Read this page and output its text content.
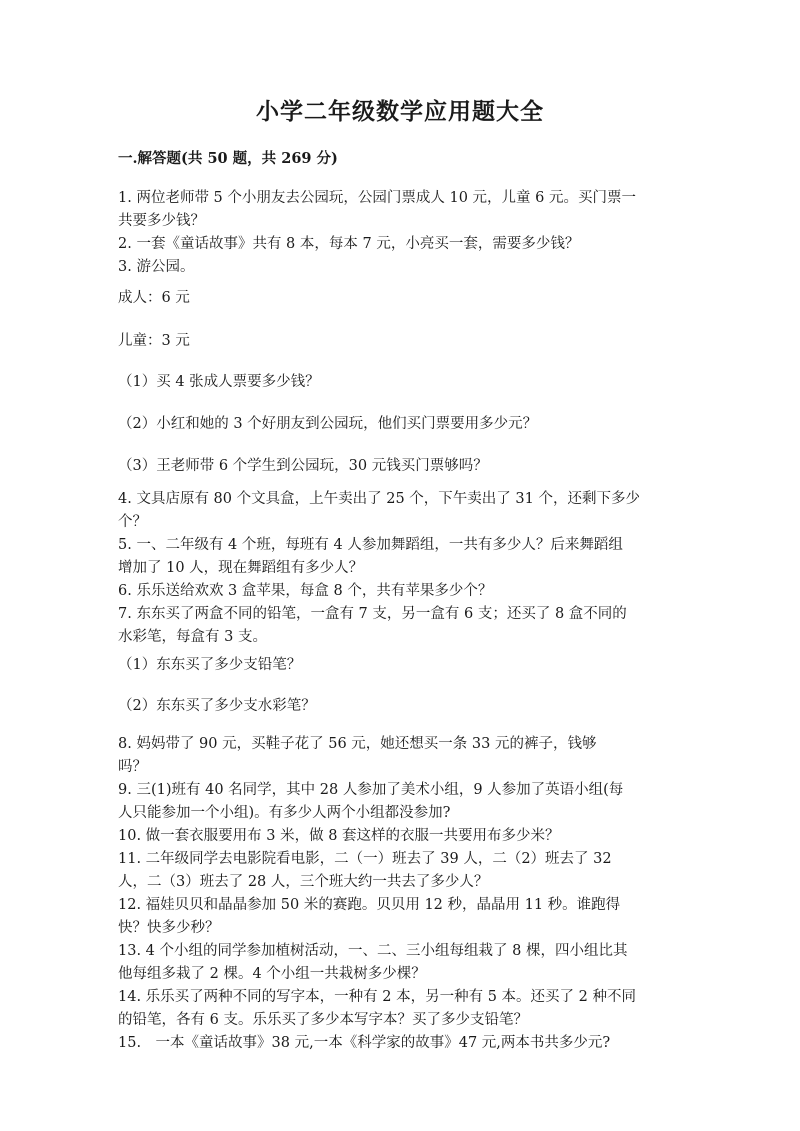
小学二年级数学应用题大全
一.解答题(共 50 题，共 269 分)
1. 两位老师带 5 个小朋友去公园玩，公园门票成人 10 元，儿童 6 元。买门票一
共要多少钱？
2. 一套《童话故事》共有 8 本，每本 7 元，小亮买一套，需要多少钱？
3. 游公园。
成人：6 元
儿童：3 元
（1）买 4 张成人票要多少钱？
（2）小红和她的 3 个好朋友到公园玩，他们买门票要用多少元？
（3）王老师带 6 个学生到公园玩，30 元钱买门票够吗？
4. 文具店原有 80 个文具盒，上午卖出了 25 个，下午卖出了 31 个，还剩下多少
个？
5. 一、二年级有 4 个班，每班有 4 人参加舞蹈组，一共有多少人？后来舞蹈组
增加了 10 人，现在舞蹈组有多少人？
6. 乐乐送给欢欢 3 盒苹果，每盒 8 个，共有苹果多少个？
7. 东东买了两盒不同的铅笔，一盒有 7 支，另一盒有 6 支；还买了 8 盒不同的
水彩笔，每盒有 3 支。
（1）东东买了多少支铅笔？
（2）东东买了多少支水彩笔？
8. 妈妈带了 90 元，买鞋子花了 56 元，她还想买一条 33 元的裤子，钱够
吗？
9. 三(1)班有 40 名同学，其中 28 人参加了美术小组，9 人参加了英语小组(每
人只能参加一个小组)。有多少人两个小组都没参加?
10. 做一套衣服要用布 3 米，做 8 套这样的衣服一共要用布多少米？
11. 二年级同学去电影院看电影，二（一）班去了 39 人，二（2）班去了 32
人，二（3）班去了 28 人，三个班大约一共去了多少人？
12. 福娃贝贝和晶晶参加 50 米的赛跑。贝贝用 12 秒，晶晶用 11 秒。谁跑得
快？快多少秒？
13. 4 个小组的同学参加植树活动，一、二、三小组每组栽了 8 棵，四小组比其
他每组多栽了 2 棵。4 个小组一共栽树多少棵？
14. 乐乐买了两种不同的写字本，一种有 2 本，另一种有 5 本。还买了 2 种不同
的铅笔，各有 6 支。乐乐买了多少本写字本？买了多少支铅笔？
15.　一本《童话故事》38 元,一本《科学家的故事》47 元,两本书共多少元?
